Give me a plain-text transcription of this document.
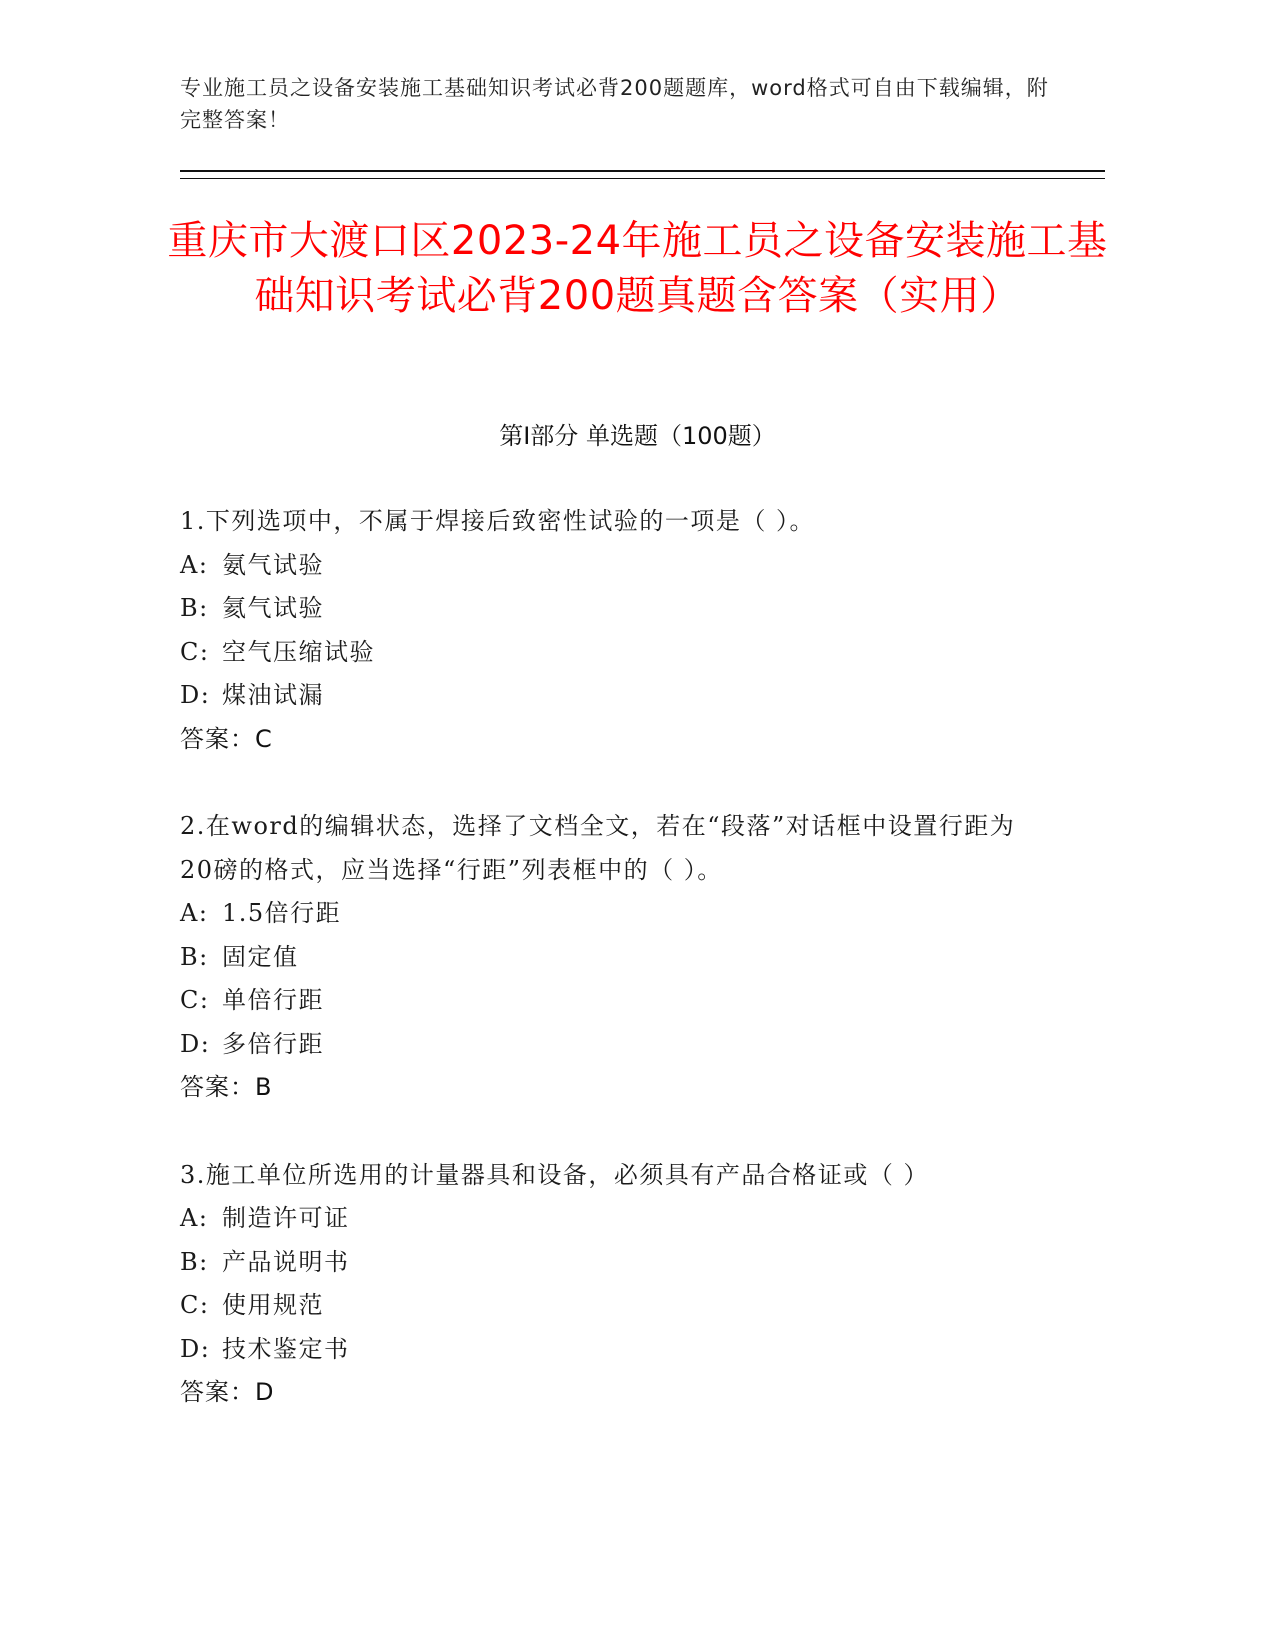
专业施工员之设备安装施工基础知识考试必背200题题库，word格式可自由下载编辑，附完整答案！
重庆市大渡口区2023-24年施工员之设备安装施工基础知识考试必背200题真题含答案（实用）
第I部分 单选题（100题）

1.下列选项中，不属于焊接后致密性试验的一项是（ ）。

A: 氨气试验

B: 氦气试验

C: 空气压缩试验

D: 煤油试漏

答案：C

2.在word的编辑状态，选择了文档全文，若在“段落”对话框中设置行距为20磅的格式，应当选择“行距”列表框中的（ ）。

A: 1.5倍行距

B: 固定值

C: 单倍行距

D: 多倍行距

答案：B

3.施工单位所选用的计量器具和设备，必须具有产品合格证或（ ）

A: 制造许可证

B: 产品说明书

C: 使用规范

D: 技术鉴定书

答案：D
